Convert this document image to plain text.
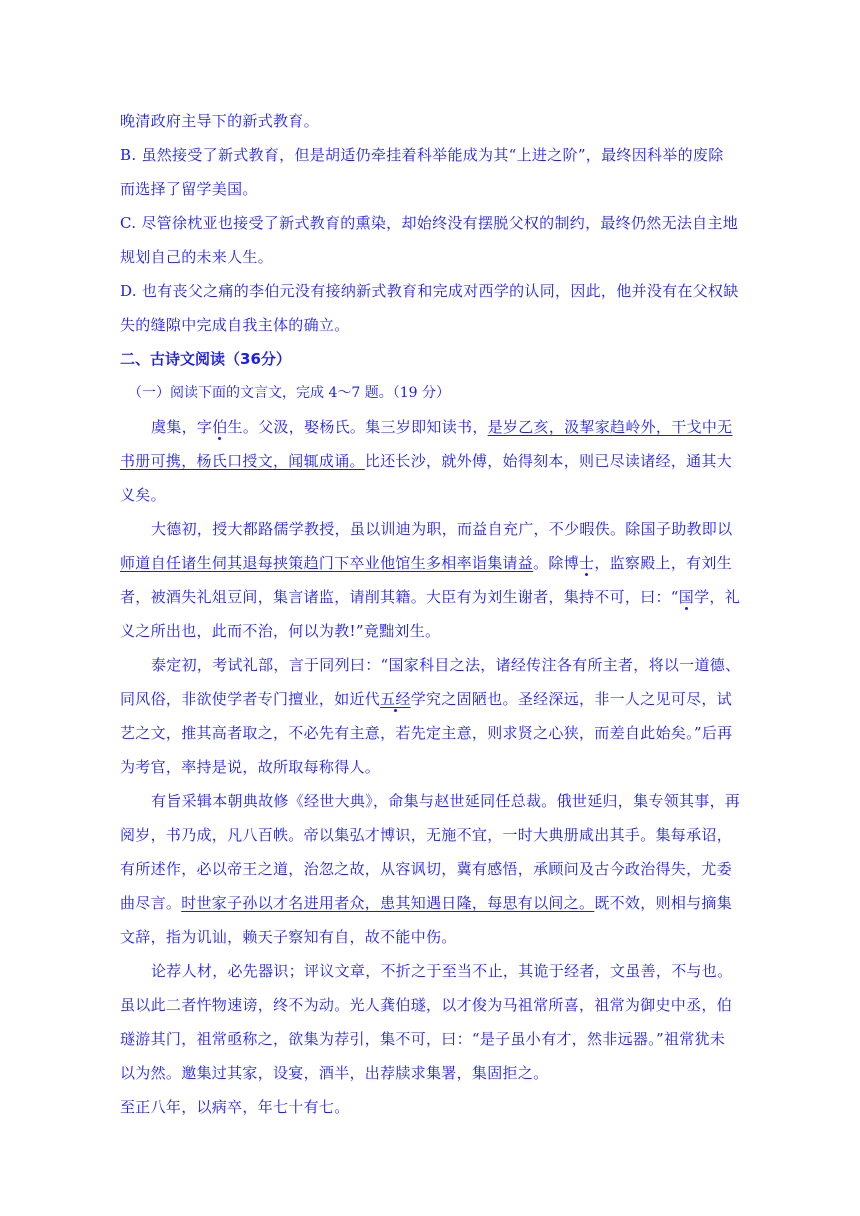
晚清政府主导下的新式教育。
B. 虽然接受了新式教育，但是胡适仍牵挂着科举能成为其“上进之阶”，最终因科举的废除
而选择了留学美国。
C. 尽管徐枕亚也接受了新式教育的熏染，却始终没有摆脱父权的制约，最终仍然无法自主地
规划自己的未来人生。
D. 也有丧父之痛的李伯元没有接纳新式教育和完成对西学的认同，因此，他并没有在父权缺
失的缝隙中完成自我主体的确立。
二、古诗文阅读（36分）
（一）阅读下面的文言文，完成 4～7 题。（19 分）
虞集，字伯生。父汲，娶杨氏。集三岁即知读书，是岁乙亥，汲挈家趋岭外，干戈中无
书册可携，杨氏口授文，闻辄成诵。比还长沙，就外傅，始得刻本，则已尽读诸经，通其大
义矣。
大德初，授大都路儒学教授，虽以训迪为职，而益自充广，不少暇佚。除国子助教即以
师道自任诸生伺其退每挟策趋门下卒业他馆生多相率诣集请益。除博士，监察殿上，有刘生
者，被酒失礼俎豆间，集言诸监，请削其籍。大臣有为刘生谢者，集持不可，曰：“国学，礼
义之所出也，此而不治，何以为教!”竟黜刘生。
泰定初，考试礼部，言于同列曰：“国家科目之法，诸经传注各有所主者，将以一道德、
同风俗，非欲使学者专门擅业，如近代五经学究之固陋也。圣经深远，非一人之见可尽，试
艺之文，推其高者取之，不必先有主意，若先定主意，则求贤之心狭，而差自此始矣。”后再
为考官，率持是说，故所取每称得人。
有旨采辑本朝典故修《经世大典》，命集与赵世延同任总裁。俄世延归，集专领其事，再
阅岁，书乃成，凡八百帙。帝以集弘才博识，无施不宜，一时大典册咸出其手。集每承诏，
有所述作，必以帝王之道，治忽之故，从容讽切，冀有感悟，承顾问及古今政治得失，尤委
曲尽言。时世家子孙以才名进用者众，患其知遇日隆，每思有以间之。既不效，则相与摘集
文辞，指为讥讪，赖天子察知有自，故不能中伤。
论荐人材，必先器识；评议文章，不折之于至当不止，其诡于经者，文虽善，不与也。
虽以此二者忤物速谤，终不为动。光人龚伯璲，以才俊为马祖常所喜，祖常为御史中丞，伯
璲游其门，祖常亟称之，欲集为荐引，集不可，曰：“是子虽小有才，然非远器。”祖常犹未
以为然。邀集过其家，设宴，酒半，出荐牍求集署，集固拒之。
至正八年，以病卒，年七十有七。
